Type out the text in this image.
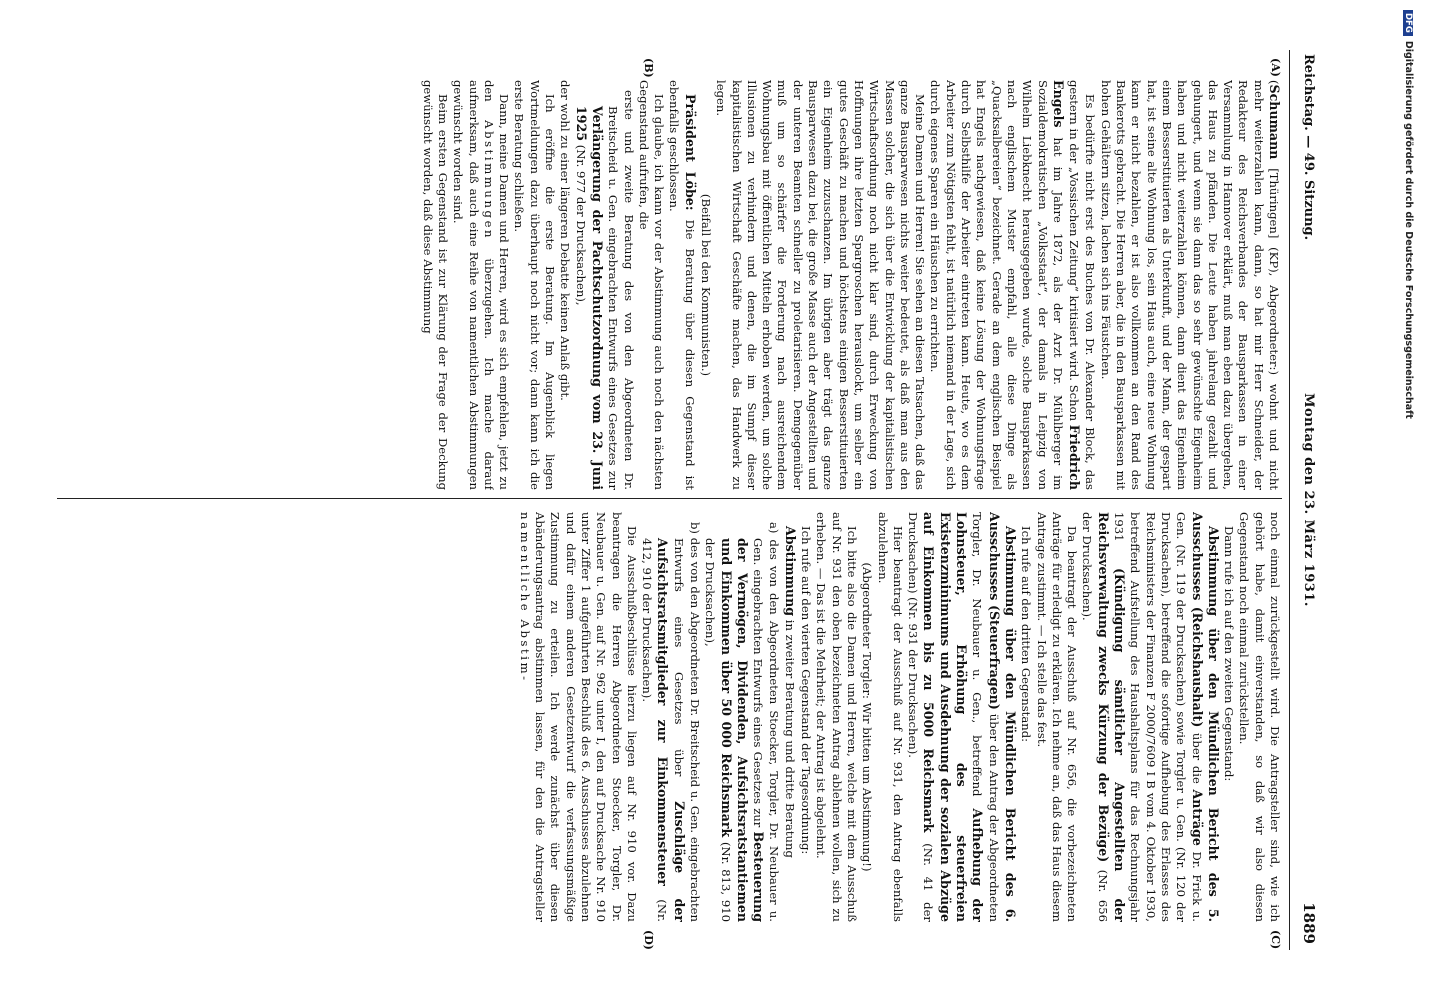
Reichstag. — 49. Sitzung.
Montag den 23. März 1931.
1889
(A)
(B)
(C)
(D)

(Schumann [Thüringen] (KP), Abgeordneter:) wohnt und nicht mehr weiterzahlen kann, dann, so hat mir Herr Schneider, der Redakteur des Reichsverbandes der Bausparkassen in einer Versammlung in Hannover erklärt, muß man eben dazu übergehen, das Haus zu pfänden. Die Leute haben jahrelang gezahlt und gehungert, und wenn sie dann das so sehr gewünschte Eigenheim haben und nicht weiterzahlen können, dann dient das Eigenheim einem Besserstituierten als Unterkunft, und der Mann, der gespart hat, ist seine alte Wohnung los, sein Haus auch, eine neue Wohnung kann er nicht bezahlen, er ist also vollkommen an den Rand des Bankerotts gebracht. Die Herren aber, die in den Bausparkassen mit hohen Gehältern sitzen, lachen sich ins Fäustchen.

Es bedürfte nicht erst des Buches von Dr. Alexander Block, das gestern in der „Vossischen Zeitung“ kritisiert wird. Schon Friedrich Engels hat im Jahre 1872, als der Arzt Dr. Mühlberger im Sozialdemokratischen „Volksstaat“, der damals in Leipzig von Wilhelm Liebknecht herausgegeben wurde, solche Bausparkassen nach englischem Muster empfahl, alle diese Dinge als „Quacksalbereien“ bezeichnet. Gerade an dem englischen Beispiel hat Engels nachgewiesen, daß keine Lösung der Wohnungsfrage durch Selbsthilfe der Arbeiter eintreten kann. Heute, wo es dem Arbeiter zum Nötigsten fehlt, ist natürlich niemand in der Lage, sich durch eigenes Sparen ein Häuschen zu errichten.

Meine Damen und Herren! Sie sehen an diesen Tatsachen, daß das ganze Bausparwesen nichts weiter bedeutet, als daß man aus den Massen solcher, die sich über die Entwicklung der kapitalistischen Wirtschaftsordnung noch nicht klar sind, durch Erweckung von Hoffnungen ihre letzten Spargroschen herauslockt, um selber ein gutes Geschäft zu machen und höchstens einigen Besserstituierten ein Eigenheim zuzuschanzen. Im übrigen aber trägt das ganze Bausparwesen dazu bei, die große Masse auch der Angestellten und der unteren Beamten schneller zu proletarisieren. Demgegenüber muß um so schärfer die Forderung nach ausreichendem Wohnungsbau mit öffentlichen Mitteln erhoben werden, um solche Illusionen zu verhindern und denen, die im Sumpf dieser kapitalistischen Wirtschaft Geschäfte machen, das Handwerk zu legen.

(Beifall bei den Kommunisten.)

Präsident Löbe: Die Beratung über diesen Gegenstand ist ebenfalls geschlossen.

Ich glaube, ich kann vor der Abstimmung auch noch den nächsten Gegenstand aufrufen, die

erste und zweite Beratung des von den Abgeordneten Dr. Breitscheid u. Gen. eingebrachten Entwurfs eines Gesetzes zur Verlängerung der Pachtschutzordnung vom 23. Juni 1925 (Nr. 977 der Drucksachen),

der wohl zu einer längeren Debatte keinen Anlaß gibt.

Ich eröffne die erste Beratung. Im Augenblick liegen Wortmeldungen dazu überhaupt noch nicht vor; dann kann ich die erste Beratung schließen.

Dann, meine Damen und Herren, wird es sich empfehlen, jetzt zu den Abstimmungen überzugehen. Ich mache darauf aufmerksam, daß auch eine Reihe von namentlichen Abstimmungen gewünscht worden sind.

Beim ersten Gegenstand ist zur Klärung der Frage der Deckung gewünscht worden, daß diese Abstimmung

noch einmal zurückgestellt wird. Die Antragsteller sind, wie ich gehört habe, damit einverstanden, so daß wir also diesen Gegenstand noch einmal zurückstellen.

Dann rufe ich auf den zweiten Gegenstand:

Abstimmung über den Mündlichen Bericht des 5. Ausschusses (Reichshaushalt) über die Anträge Dr. Frick u. Gen. (Nr. 119 der Drucksachen) sowie Torgler u. Gen. (Nr. 120 der Drucksachen), betreffend die sofortige Aufhebung des Erlasses des Reichsministers der Finanzen F 2000/7609 I B vom 4. Oktober 1930, betreffend Aufstellung des Haushaltsplans für das Rechnungsjahr 1931 (Kündigung sämtlicher Angestellten der Reichsverwaltung zwecks Kürzung der Bezüge) (Nr. 656 der Drucksachen).

Da beantragt der Ausschuß auf Nr. 656, die vorbezeichneten Anträge für erledigt zu erklären. Ich nehme an, daß das Haus diesem Antrage zustimmt. — Ich stelle das fest.

Ich rufe auf den dritten Gegenstand:

Abstimmung über den Mündlichen Bericht des 6. Ausschusses (Steuerfragen) über den Antrag der Abgeordneten Torgler, Dr. Neubauer u. Gen., betreffend Aufhebung der Lohnsteuer, Erhöhung des steuerfreien Existenzminimums und Ausdehnung der sozialen Abzüge auf Einkommen bis zu 5000 Reichsmark (Nr. 41 der Drucksachen) (Nr. 931 der Drucksachen).

Hier beantragt der Ausschuß auf Nr. 931, den Antrag ebenfalls abzulehnen.

(Abgeordneter Torgler: Wir bitten um Abstimmung!)

Ich bitte also die Damen und Herren, welche mit dem Ausschuß auf Nr. 931 den oben bezeichneten Antrag ablehnen wollen, sich zu erheben. — Das ist die Mehrheit; der Antrag ist abgelehnt.

Ich rufe auf den vierten Gegenstand der Tagesordnung:

Abstimmung in zweiter Beratung und dritte Beratung

a) des von den Abgeordneten Stoecker, Torgler, Dr. Neubauer u. Gen. eingebrachten Entwurfs eines Gesetzes zur Besteuerung der Vermögen, Dividenden, Aufsichtsratstantiemen und Einkommen über 50 000 Reichsmark (Nr. 813, 910 der Drucksachen),

b) des von den Abgeordneten Dr. Breitscheid u. Gen. eingebrachten Entwurfs eines Gesetzes über Zuschläge der Aufsichtsratsmitglieder zur Einkommensteuer (Nr. 412, 910 der Drucksachen).

Die Ausschußbeschlüsse hierzu liegen auf Nr. 910 vor. Dazu beantragen die Herren Abgeordneten Stoecker, Torgler, Dr. Neubauer u. Gen. auf Nr. 962 unter I, den auf Drucksache Nr. 910 unter Ziffer 1 aufgeführten Beschluß des 6. Ausschusses abzulehnen und dafür einem anderen Gesetzentwurf die verfassungsmäßige Zustimmung zu erteilen. Ich werde zunächst über diesen Abänderungsantrag abstimmen lassen, für den die Antragsteller namentliche Abstim-

DFGDigitalisierung gefördert durch die Deutsche Forschungsgemeinschaft
